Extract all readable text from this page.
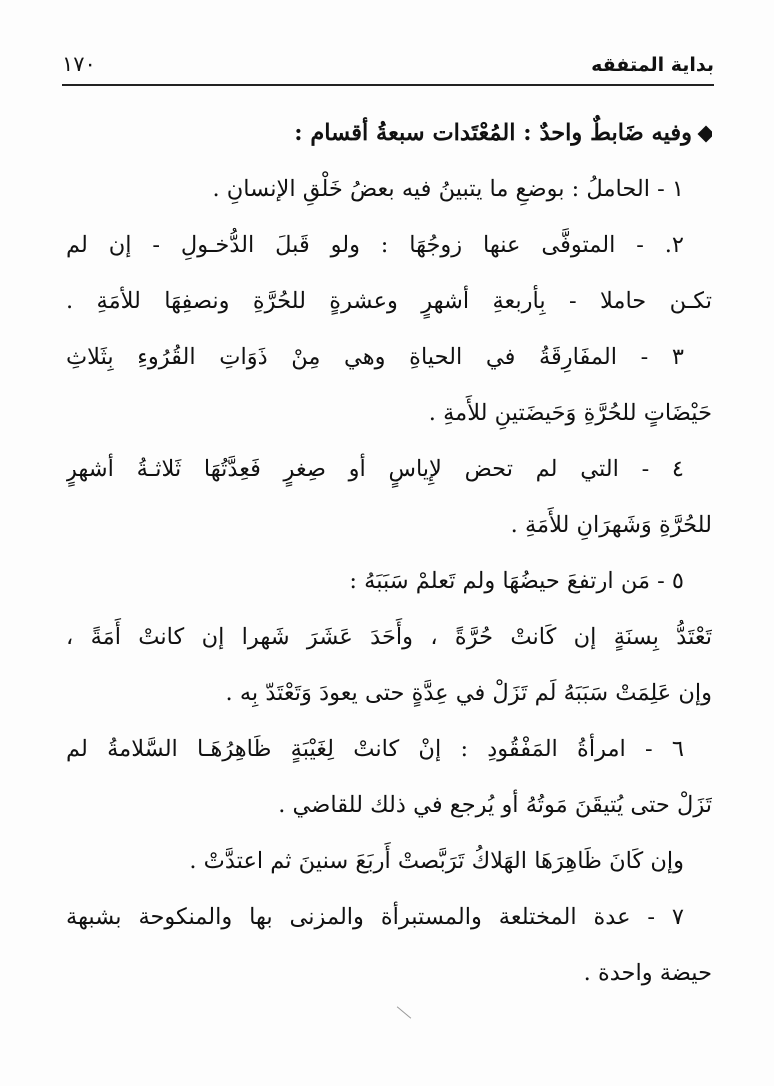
بداية المتفقه
١٧٠
وفيه ضَابطٌ واحدٌ : المُعْتَدات سبعةُ أقسام :
١ - الحاملُ : بوضعِ ما يتبينُ فيه بعضُ خَلْقِ الإنسانِ .
٢. - المتوفَّى عنها زوجُهَا : ولو قَبلَ الدُّخـولِ - إن لم
تكـن حاملا - بِأربعةِ أشهرٍ وعشرةٍ للحُرَّةِ ونصفِهَا للأمَةِ .
٣ - المفَارِقَةُ في الحياةِ وهي مِنْ ذَوَاتِ القُرُوءِ بِثَلاثِ
حَيْضَاتٍ للحُرَّةِ وَحَيضَتينِ للأَمةِ .
٤ - التي لم تحض لإِياسٍ أو صِغرٍ فَعِدَّتُهَا ثَلاثـةُ أشهرٍ
للحُرَّةِ وَشَهرَانِ للأَمَةِ .
٥ - مَن ارتفعَ حيضُهَا ولم تَعلمْ سَبَبَهُ :
تَعْتَدُّ بِسنَةٍ إن كَانتْ حُرَّةً ، وأَحَدَ عَشَرَ شَهرا إن كانتْ أَمَةً ،
وإن عَلِمَتْ سَبَبَهُ لَم تَزَلْ في عِدَّةٍ حتى يعودَ وَتَعْتَدّ بِه .
٦ - امرأةُ المَفْقُودِ : إنْ كانتْ لِغَيْبَةٍ ظَاهِرُهَـا السَّلامةُ لم
تَزَلْ حتى يُتيقَنَ مَوتُهُ أو يُرجع في ذلك للقاضي .
وإن كَانَ ظَاهِرَهَا الهَلاكُ تَرَبَّصتْ أَربَعَ سنينَ ثم اعتدَّتْ .
٧ - عدة المختلعة والمستبرأة والمزنى بها والمنكوحة بشبهة
حيضة واحدة .
